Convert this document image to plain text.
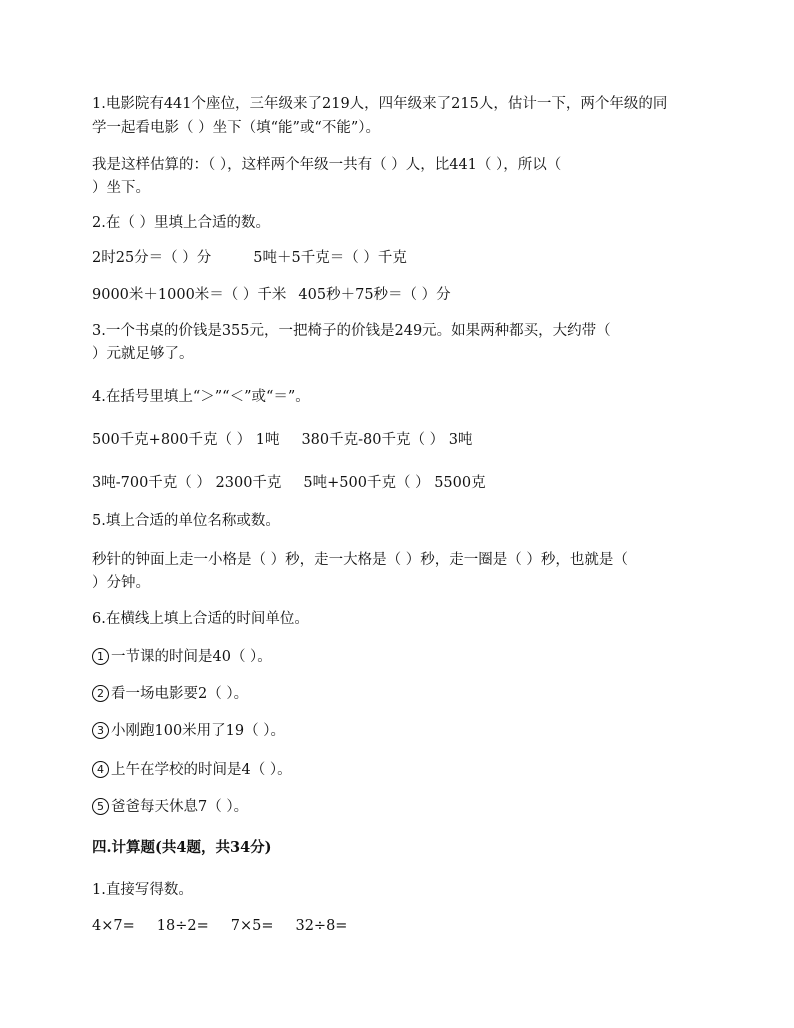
1.电影院有441个座位，三年级来了219人，四年级来了215人，估计一下，两个年级的同
学一起看电影（ ）坐下（填“能”或“不能”）。
我是这样估算的：（ ），这样两个年级一共有（ ）人，比441（ ），所以（
）坐下。
2.在（ ）里填上合适的数。
2时25分＝（ ）分	5吨＋5千克＝（ ）千克
9000米＋1000米＝（ ）千米 405秒＋75秒＝（ ）分
3.一个书桌的价钱是355元，一把椅子的价钱是249元。如果两种都买，大约带（
）元就足够了。
4.在括号里填上“＞”“＜”或“＝”。
500千克+800千克（ ） 1吨 380千克-80千克（ ） 3吨
3吨-700千克（ ） 2300千克 5吨+500千克（ ） 5500克
5.填上合适的单位名称或数。
秒针的钟面上走一小格是（ ）秒，走一大格是（ ）秒，走一圈是（ ）秒，也就是（
）分钟。
6.在横线上填上合适的时间单位。
1 一节课的时间是40（ ）。
2 看一场电影要2（ ）。
3 小刚跑100米用了19（ ）。
4 上午在学校的时间是4（ ）。
5 爸爸每天休息7（ ）。
四.计算题(共4题，共34分)
1.直接写得数。
4×7= 18÷2= 7×5= 32÷8=
